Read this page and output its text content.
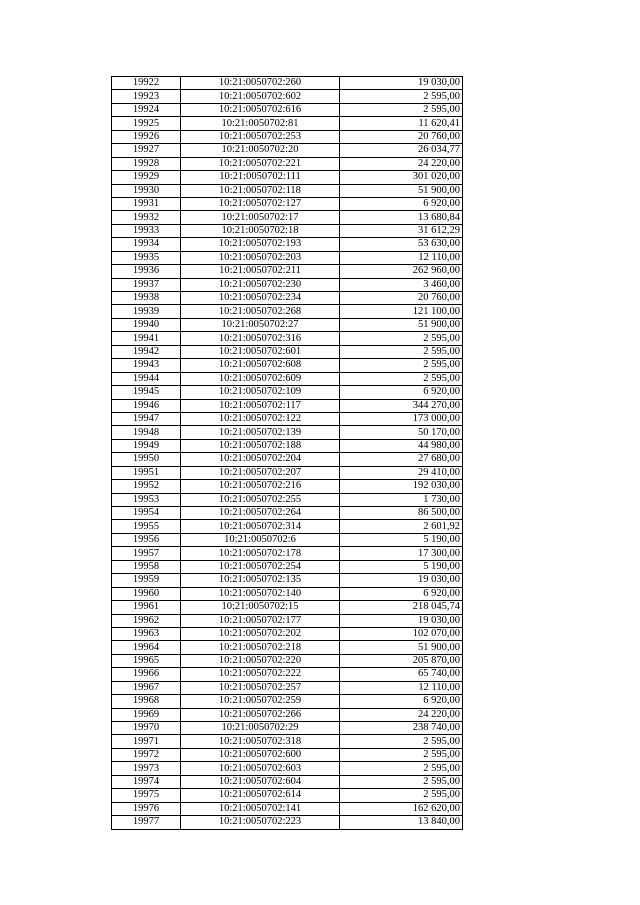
19922	10:21:0050702:260	19 030,00
19923	10:21:0050702:602	2 595,00
19924	10:21:0050702:616	2 595,00
19925	10:21:0050702:81	11 620,41
19926	10:21:0050702:253	20 760,00
19927	10:21:0050702:20	26 034,77
19928	10:21:0050702:221	24 220,00
19929	10:21:0050702:111	301 020,00
19930	10:21:0050702:118	51 900,00
19931	10:21:0050702:127	6 920,00
19932	10:21:0050702:17	13 680,84
19933	10:21:0050702:18	31 612,29
19934	10:21:0050702:193	53 630,00
19935	10:21:0050702:203	12 110,00
19936	10:21:0050702:211	262 960,00
19937	10:21:0050702:230	3 460,00
19938	10:21:0050702:234	20 760,00
19939	10:21:0050702:268	121 100,00
19940	10:21:0050702:27	51 900,00
19941	10:21:0050702:316	2 595,00
19942	10:21:0050702:601	2 595,00
19943	10:21:0050702:608	2 595,00
19944	10:21:0050702:609	2 595,00
19945	10:21:0050702:109	6 920,00
19946	10:21:0050702:117	344 270,00
19947	10:21:0050702:122	173 000,00
19948	10:21:0050702:139	50 170,00
19949	10:21:0050702:188	44 980,00
19950	10:21:0050702:204	27 680,00
19951	10:21:0050702:207	29 410,00
19952	10:21:0050702:216	192 030,00
19953	10:21:0050702:255	1 730,00
19954	10:21:0050702:264	86 500,00
19955	10:21:0050702:314	2 601,92
19956	10:21:0050702:6	5 190,00
19957	10:21:0050702:178	17 300,00
19958	10:21:0050702:254	5 190,00
19959	10:21:0050702:135	19 030,00
19960	10:21:0050702:140	6 920,00
19961	10:21:0050702:15	218 045,74
19962	10:21:0050702:177	19 030,00
19963	10:21:0050702:202	102 070,00
19964	10:21:0050702:218	51 900,00
19965	10:21:0050702:220	205 870,00
19966	10:21:0050702:222	65 740,00
19967	10:21:0050702:257	12 110,00
19968	10:21:0050702:259	6 920,00
19969	10:21:0050702:266	24 220,00
19970	10:21:0050702:29	238 740,00
19971	10:21:0050702:318	2 595,00
19972	10:21:0050702:600	2 595,00
19973	10:21:0050702:603	2 595,00
19974	10:21:0050702:604	2 595,00
19975	10:21:0050702:614	2 595,00
19976	10:21:0050702:141	162 620,00
19977	10:21:0050702:223	13 840,00
